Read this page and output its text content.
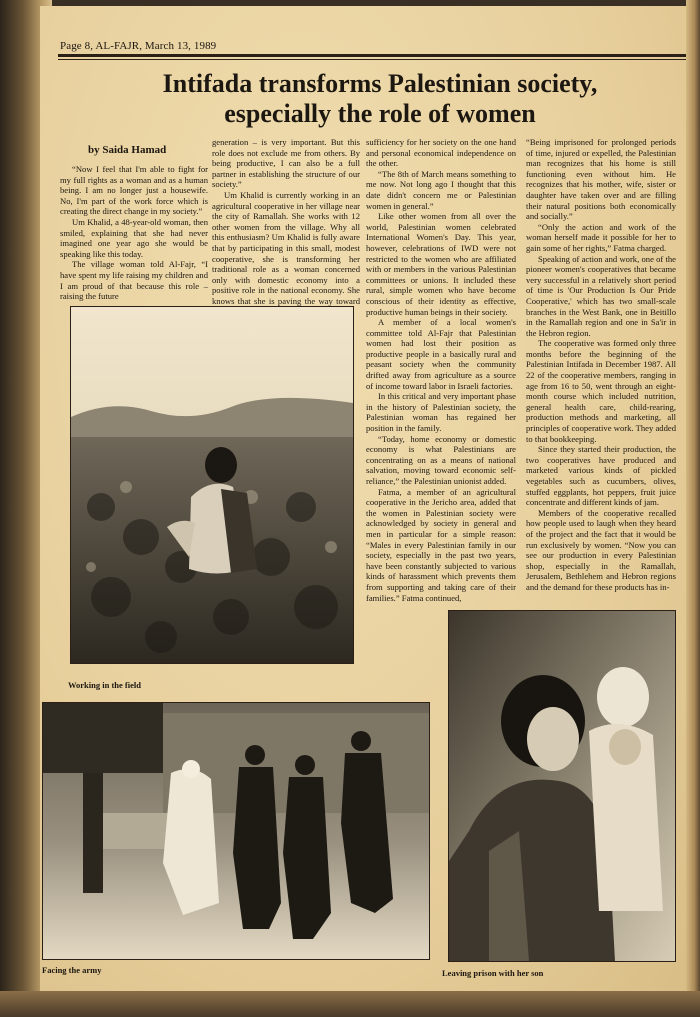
Page 8, AL-FAJR, March 13, 1989
Intifada transforms Palestinian society,
especially the role of women
by Saida Hamad

“Now I feel that I'm able to fight for my full rights as a woman and as a human being. I am no longer just a housewife. No, I'm part of the work force which is creating the direct change in my society.”

Um Khalid, a 48-year-old woman, then smiled, explaining that she had never imagined one year ago she would be speaking like this today.

The village woman told Al-Fajr, “I have spent my life raising my children and I am proud of that because this role – raising the future

generation – is very important. But this role does not exclude me from others. By being productive, I can also be a full partner in establishing the structure of our society.”

Um Khalid is currently working in an agricultural cooperative in her village near the city of Ramallah. She works with 12 other women from the village. Why all this enthusiasm? Um Khalid is fully aware that by participating in this small, modest cooperative, she is transforming her traditional role as a woman concerned only with domestic economy into a positive role in the national economy. She knows that she is paving the way toward

sufficiency for her society on the one hand and personal economical independence on the other.

“The 8th of March means something to me now. Not long ago I thought that this date didn't concern me or Palestinian women in general.”

Like other women from all over the world, Palestinian women celebrated International Women's Day. This year, however, celebrations of IWD were not restricted to the women who are affiliated with or members in the various Palestinian committees or unions. It included these rural, simple women who have become conscious of their identity as effective, productive human beings in their society.

A member of a local women's committee told Al-Fajr that Palestinian women had lost their position as productive people in a basically rural and peasant society when the community drifted away from agriculture as a source of income toward labor in Israeli factories.

In this critical and very important phase in the history of Palestinian society, the Palestinian woman has regained her position in the family.

“Today, home economy or domestic economy is what Palestinians are concentrating on as a means of national salvation, moving toward economic self-reliance,” the Palestinian unionist added.

Fatma, a member of an agricultural cooperative in the Jericho area, added that the women in Palestinian society were acknowledged by society in general and men in particular for a simple reason: “Males in every Palestinian family in our society, especially in the past two years, have been constantly subjected to various kinds of harassment which prevents them from supporting and taking care of their families.” Fatma continued,

“Being imprisoned for prolonged periods of time, injured or expelled, the Palestinian man recognizes that his home is still functioning even without him. He recognizes that his mother, wife, sister or daughter have taken over and are filling their natural positions both economically and socially.”

“Only the action and work of the woman herself made it possible for her to gain some of her rights,” Fatma charged.

Speaking of action and work, one of the pioneer women's cooperatives that became very successful in a relatively short period of time is 'Our Production Is Our Pride Cooperative,' which has two small-scale branches in the West Bank, one in Beitillo in the Ramallah region and one in Sa'ir in the Hebron region.

The cooperative was formed only three months before the beginning of the Palestinian Intifada in December 1987. All 22 of the cooperative members, ranging in age from 16 to 50, went through an eight-month course which included nutrition, general health care, child-rearing, production methods and marketing, all principles of cooperative work. They added to that bookkeeping.

Since they started their production, the two cooperatives have produced and marketed various kinds of pickled vegetables such as cucumbers, olives, stuffed eggplants, hot peppers, fruit juice concentrate and different kinds of jam.

Members of the cooperative recalled how people used to laugh when they heard of the project and the fact that it would be run exclusively by women. “Now you can see our production in every Palestinian shop, especially in the Ramallah, Jerusalem, Bethlehem and Hebron regions and the demand for these products has in-

Working in the field
Facing the army	Leaving prison with her son
